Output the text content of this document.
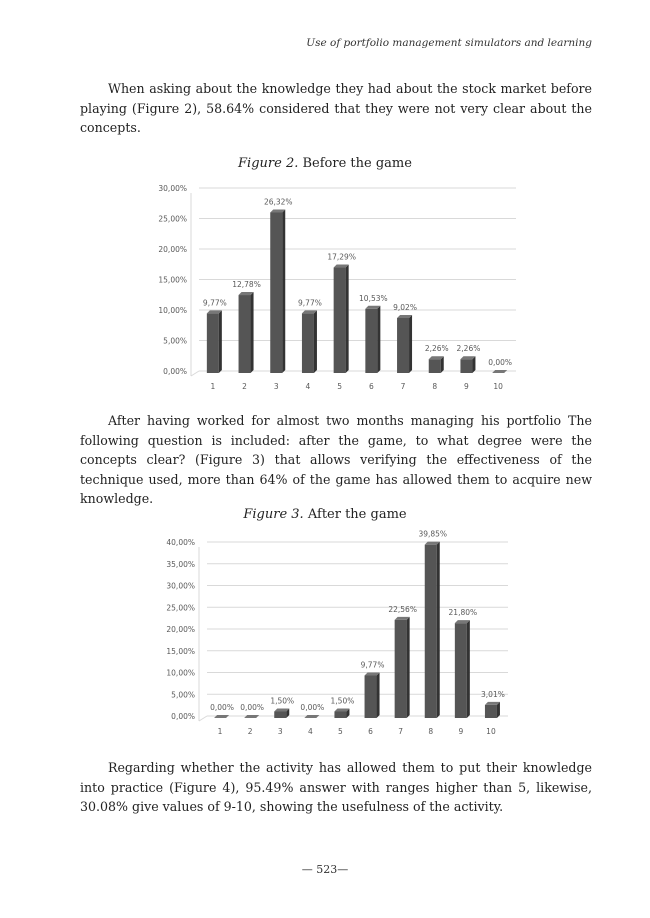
Use of portfolio management simulators and learning

When asking about the knowledge they had about the stock market before playing (Figure 2), 58.64% considered that they were not very clear about the concepts.

Figure 2. Before the game
0,00%
5,00%
10,00%
15,00%
20,00%
25,00%
30,00%
9,77%
1
12,78%
2
26,32%
3
9,77%
4
17,29%
5
10,53%
6
9,02%
7
2,26%
8
2,26%
9
0,00%
10

After having worked for almost two months managing his portfolio The following question is included: after the game, to what degree were the concepts clear? (Figure 3) that allows verifying the effectiveness of the technique used, more than 64% of the game has allowed them to acquire new knowledge.

Figure 3. After the game
0,00%
5,00%
10,00%
15,00%
20,00%
25,00%
30,00%
35,00%
40,00%
0,00%
1
0,00%
2
1,50%
3
0,00%
4
1,50%
5
9,77%
6
22,56%
7
39,85%
8
21,80%
9
3,01%
10

Regarding whether the activity has allowed them to put their knowledge into practice (Figure 4), 95.49% answer with ranges higher than 5, likewise, 30.08% give values of 9-10, showing the usefulness of the activity.

— 523—
